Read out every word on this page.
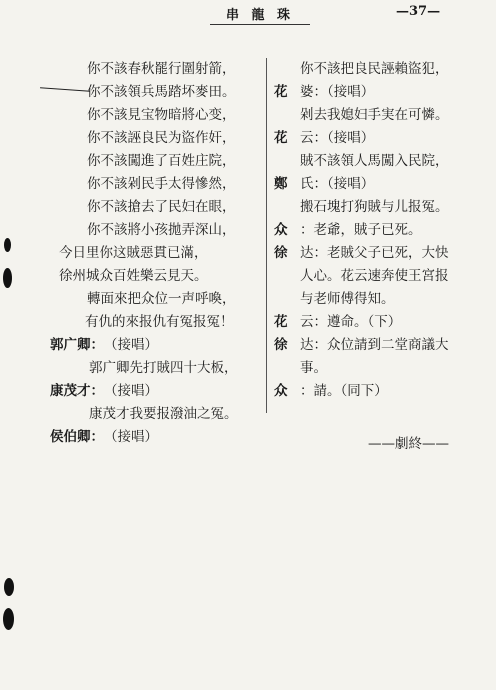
串 龍 珠	—37—
你不該春秋罷行圍射箭，
你不該領兵馬踏坏麥田。
你不該見宝物暗將心变，
你不該誣良民为盜作奸，
你不該闖進了百姓庄院，
你不該剁民手太得慘然，
你不該搶去了民妇在眼，
你不該將小孩拋弄深山，
今日里你这賊惡貫已滿，
徐州城众百姓樂云見天。
轉面來把众位一声呼喚，
有仇的來报仇有冤报冤！
郭广卿：（接唱）
郭广卿先打賊四十大板，
康茂才：（接唱）
康茂才我要报潑油之冤。
侯伯卿：（接唱）
你不該把良民誣賴盜犯，
花 婆：（接唱）
剁去我媳妇手実在可憐。
花 云：（接唱）
賊不該領人馬闖入民院，
鄭 氏：（接唱）
搬石塊打狗賊与儿报冤。
众 ：老爺，賊子已死。
徐 达：老賊父子已死，大快
人心。花云速奔使王宮报
与老师傅得知。
花 云：遵命。（下）
徐 达：众位請到二堂商議大
事。
众 ：請。（同下）
——劇終——
